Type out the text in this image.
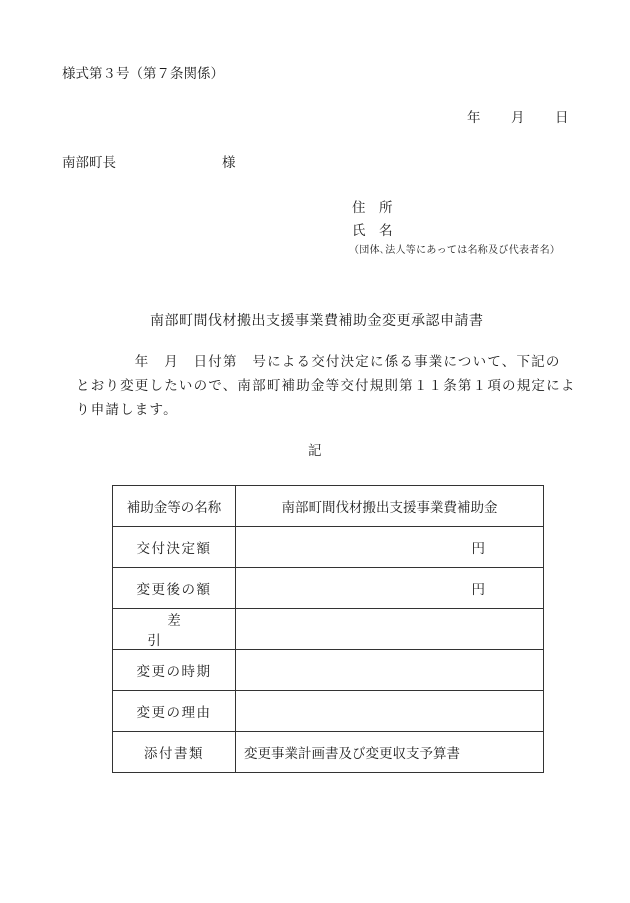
様式第３号（第７条関係）
年 月 日
南部町長	様
住　所
氏　名
（団体､法人等にあっては名称及び代表者名）
南部町間伐材搬出支援事業費補助金変更承認申請書
　　　　年　月　日付第　号による交付決定に係る事業について、下記の
とおり変更したいので、南部町補助金等交付規則第１１条第１項の規定によ
り申請します。
記
補助金等の名称	南部町間伐材搬出支援事業費補助金
交付決定額	円
変更後の額	円
差引	
変更の時期	
変更の理由	
添付書類	変更事業計画書及び変更収支予算書
